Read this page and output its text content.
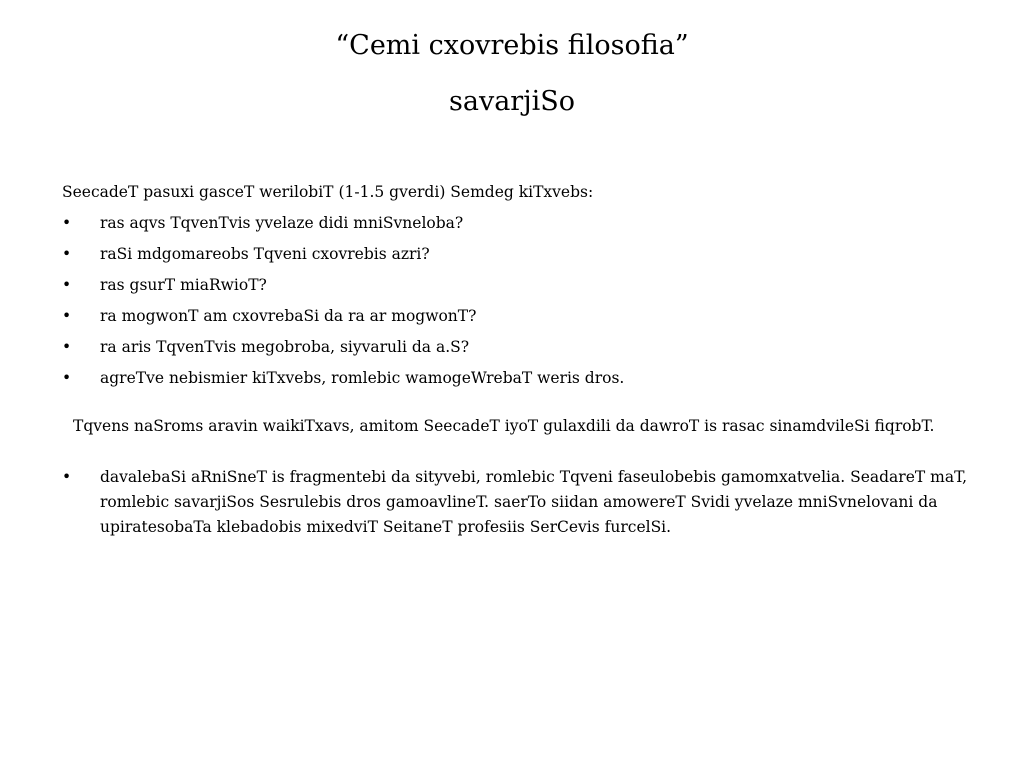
“Cemi cxovrebis filosofia”

savarjiSo

SeecadeT pasuxi gasceT werilobiT (1-1.5 gverdi) Semdeg kiTxvebs:

• ras aqvs TqvenTvis yvelaze didi mniSvneloba?
• raSi mdgomareobs Tqveni cxovrebis azri?
• ras gsurT miaRwioT?
• ra mogwonT am cxovrebaSi da ra ar mogwonT?
• ra aris TqvenTvis megobroba, siyvaruli da a.S?
• agreTve nebismier kiTxvebs, romlebic wamogeWrebaT weris dros.

Tqvens naSroms aravin waikiTxavs, amitom SeecadeT iyoT gulaxdili da dawroT is rasac sinamdvileSi fiqrobT.

• davalebaSi aRniSneT is fragmentebi da sityvebi, romlebic Tqveni faseulobebis gamomxatvelia. SeadareT maT, romlebic savarjiSos Sesrulebis dros gamoavlineT. saerTo siidan amowereT Svidi yvelaze mniSvnelovani da upiratesobaTa klebadobis mixedviT SeitaneT profesiis SerCevis furcelSi.
